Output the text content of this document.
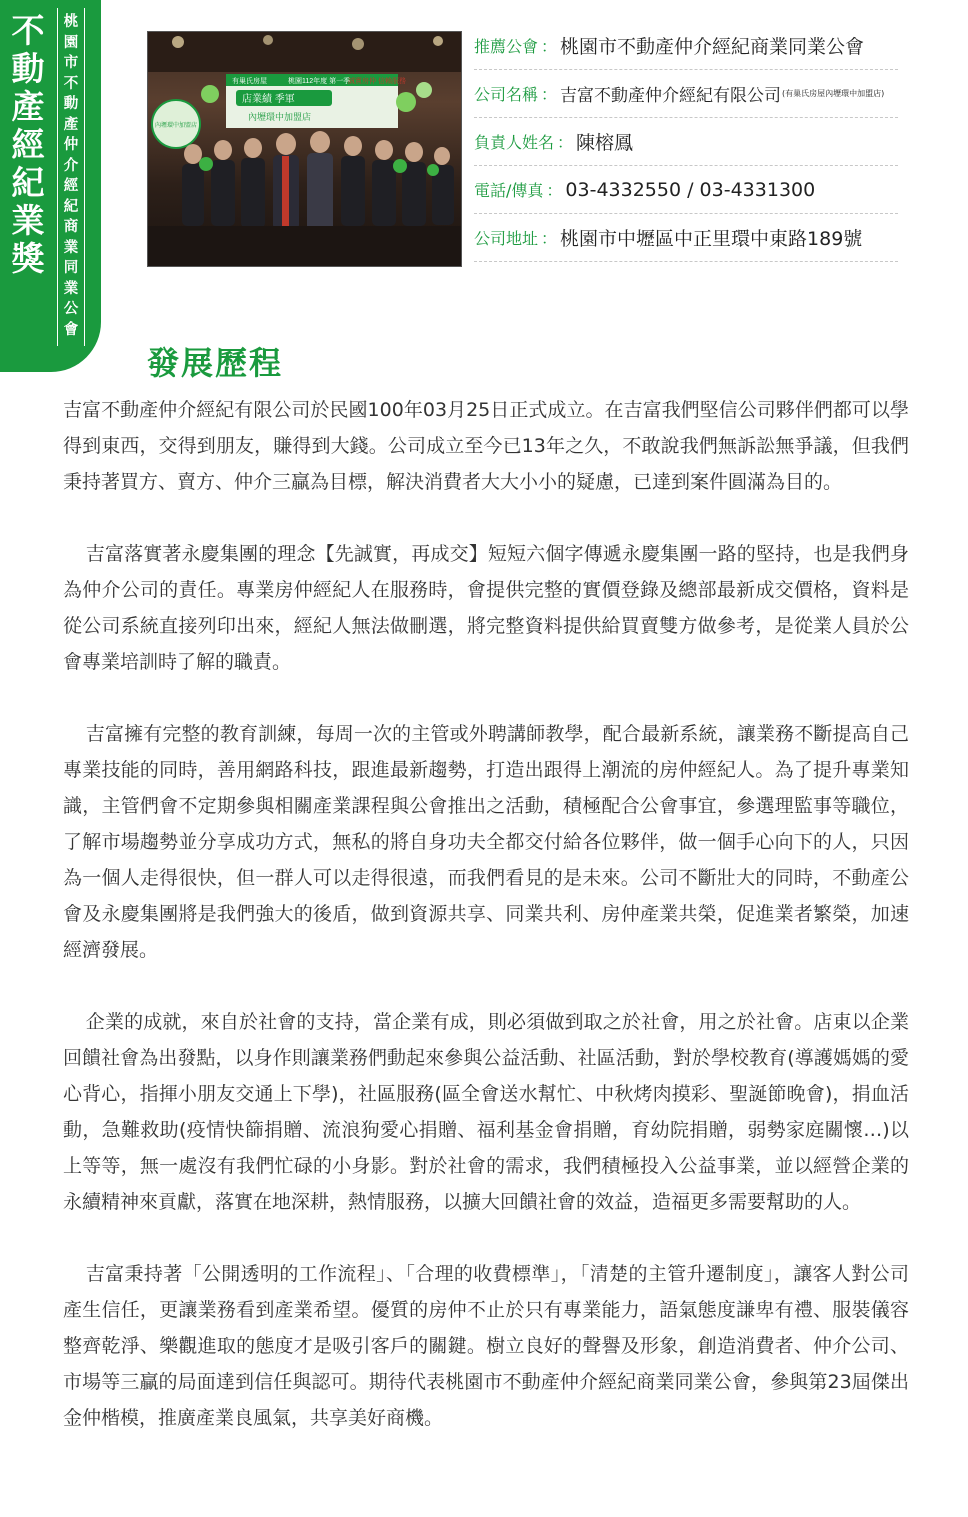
不動產經紀業獎
桃園市不動產仲介經紀商業同業公會
有巢氏房屋	桃園112年度 第一季
誠實房仲 信賴服務
店業績 季軍
內壢環中加盟店
內壢環中加盟店
推薦公會 ： 桃園市不動產仲介經紀商業同業公會
公司名稱 ： 吉富不動產仲介經紀有限公司 (有巢氏房屋內壢環中加盟店)
負責人姓名 ： 陳榕鳳
電話/傳真 ： 03-4332550 / 03-4331300
公司地址 ： 桃園市中壢區中正里環中東路189號
發展歷程

吉富不動產仲介經紀有限公司於民國100年03月25日正式成立。在吉富我們堅信公司夥伴們都可以學得到東西，交得到朋友，賺得到大錢。公司成立至今已13年之久，不敢說我們無訴訟無爭議，但我們秉持著買方、賣方、仲介三贏為目標，解決消費者大大小小的疑慮，已達到案件圓滿為目的。

吉富落實著永慶集團的理念【先誠實，再成交】短短六個字傳遞永慶集團一路的堅持，也是我們身為仲介公司的責任。專業房仲經紀人在服務時，會提供完整的實價登錄及總部最新成交價格，資料是從公司系統直接列印出來，經紀人無法做刪選，將完整資料提供給買賣雙方做參考，是從業人員於公會專業培訓時了解的職責。

吉富擁有完整的教育訓練，每周一次的主管或外聘講師教學，配合最新系統，讓業務不斷提高自己專業技能的同時，善用網路科技，跟進最新趨勢，打造出跟得上潮流的房仲經紀人。為了提升專業知識，主管們會不定期參與相關產業課程與公會推出之活動，積極配合公會事宜，參選理監事等職位，了解市場趨勢並分享成功方式，無私的將自身功夫全都交付給各位夥伴，做一個手心向下的人，只因為一個人走得很快，但一群人可以走得很遠，而我們看見的是未來。公司不斷壯大的同時，不動產公會及永慶集團將是我們強大的後盾，做到資源共享、同業共利、房仲產業共榮，促進業者繁榮，加速經濟發展。

企業的成就，來自於社會的支持，當企業有成，則必須做到取之於社會，用之於社會。店東以企業回饋社會為出發點，以身作則讓業務們動起來參與公益活動、社區活動，對於學校教育(導護媽媽的愛心背心，指揮小朋友交通上下學)，社區服務(區全會送水幫忙、中秋烤肉摸彩、聖誕節晚會)，捐血活動，急難救助(疫情快篩捐贈、流浪狗愛心捐贈、福利基金會捐贈，育幼院捐贈，弱勢家庭關懷…)以上等等，無一處沒有我們忙碌的小身影。對於社會的需求，我們積極投入公益事業，並以經營企業的永續精神來貢獻，落實在地深耕，熱情服務，以擴大回饋社會的效益，造福更多需要幫助的人。

吉富秉持著「公開透明的工作流程」、「合理的收費標準」，「清楚的主管升遷制度」，讓客人對公司產生信任，更讓業務看到產業希望。優質的房仲不止於只有專業能力，語氣態度謙卑有禮、服裝儀容整齊乾淨、樂觀進取的態度才是吸引客戶的關鍵。樹立良好的聲譽及形象，創造消費者、仲介公司、市場等三贏的局面達到信任與認可。期待代表桃園市不動產仲介經紀商業同業公會，參與第23屆傑出金仲楷模，推廣產業良風氣，共享美好商機。
